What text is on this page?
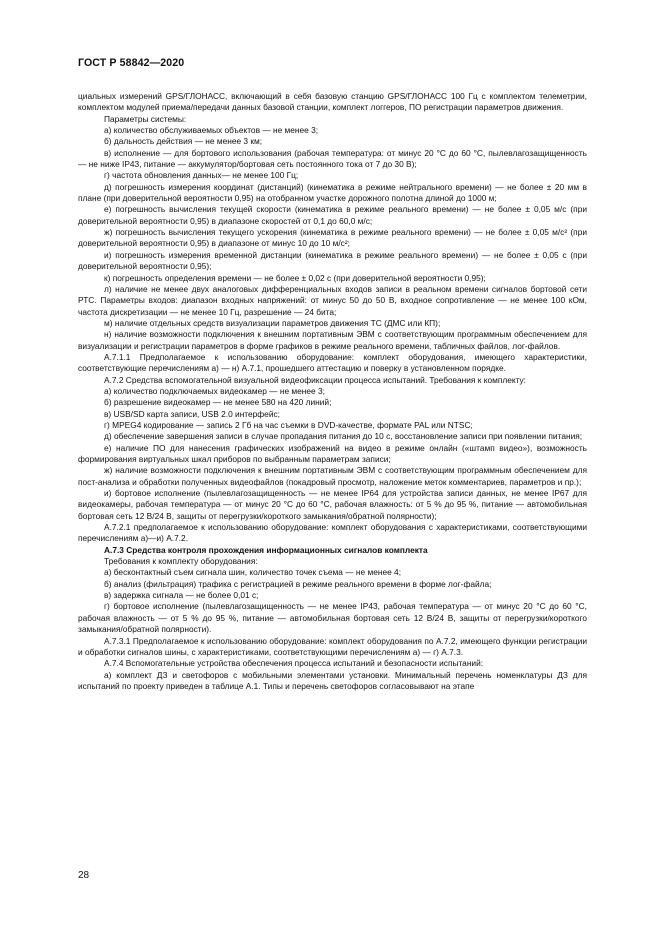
ГОСТ Р 58842—2020

циальных измерений GPS/ГЛОНАСС, включающий в себя базовую станцию GPS/ГЛОНАСС 100 Гц с комплектом телеметрии, комплектом модулей приема/передачи данных базовой станции, комплект логгеров, ПО регистрации параметров движения.

Параметры системы:

а) количество обслуживаемых объектов — не менее 3;

б) дальность действия — не менее 3 км;

в) исполнение — для бортового использования (рабочая температура: от минус 20 °С до 60 °С, пылевлагозащищенность — не ниже IP43, питание — аккумулятор/бортовая сеть постоянного тока от 7 до 30 В);

г) частота обновления данных— не менее 100 Гц;

д) погрешность измерения координат (дистанций) (кинематика в режиме нейтрального времени) — не более ± 20 мм в плане (при доверительной вероятности 0,95) на отобранном участке дорожного полотна длиной до 1000 м;

е) погрешность вычисления текущей скорости (кинематика в режиме реального времени) — не более ± 0,05 м/с (при доверительной вероятности 0,95) в диапазоне скоростей от 0,1 до 60,0 м/с;

ж) погрешность вычисления текущего ускорения (кинематика в режиме реального времени) — не более ± 0,05 м/с² (при доверительной вероятности 0,95) в диапазоне от минус 10 до 10 м/с²;

и) погрешность измерения временной дистанции (кинематика в режиме реального времени) — не более ± 0,05 с (при доверительной вероятности 0,95);

к) погрешность определения времени — не более ± 0,02 с (при доверительной вероятности 0,95);

л) наличие не менее двух аналоговых дифференциальных входов записи в реальном времени сигналов бортовой сети РТС. Параметры входов: диапазон входных напряжений: от минус 50 до 50 В, входное сопротивление — не менее 100 кОм, частота дискретизации — не менее 10 Гц, разрешение — 24 бита;

м) наличие отдельных средств визуализации параметров движения ТС (ДМС или КП);

н) наличие возможности подключения к внешним портативным ЭВМ с соответствующим программным обеспечением для визуализации и регистрации параметров в форме графиков в режиме реального времени, табличных файлов, лог-файлов.

А.7.1.1 Предполагаемое к использованию оборудование: комплект оборудования, имеющего характеристики, соответствующие перечислениям а) — н) А.7.1, прошедшего аттестацию и поверку в установленном порядке.

А.7.2 Средства вспомогательной визуальной видеофиксации процесса испытаний. Требования к комплекту:

а) количество подключаемых видеокамер — не менее 3;

б) разрешение видеокамер — не менее 580 на 420 линий;

в) USB/SD карта записи, USB 2.0 интерфейс;

г) MPEG4 кодирование — запись 2 Гб на час съемки в DVD-качестве, формате PAL или NTSC;

д) обеспечение завершения записи в случае пропадания питания до 10 с, восстановление записи при появлении питания;

е) наличие ПО для нанесения графических изображений на видео в режиме онлайн («штамп видео»), возможность формирования виртуальных шкал приборов по выбранным параметрам записи;

ж) наличие возможности подключения к внешним портативным ЭВМ с соответствующим программным обеспечением для пост-анализа и обработки полученных видеофайлов (покадровый просмотр, наложение меток комментариев, параметров и пр.);

и) бортовое исполнение (пылевлагозащищенность — не менее IP64 для устройства записи данных, не менее IP67 для видеокамеры, рабочая температура — от минус 20 °С до 60 °С, рабочая влажность: от 5 % до 95 %, питание — автомобильная бортовая сеть 12 В/24 В, защиты от перегрузки/короткого замыкания/обратной полярности);

А.7.2.1 предполагаемое к использованию оборудование: комплект оборудования с характеристиками, соответствующими перечислениям а)—и) А.7.2.

А.7.3 Средства контроля прохождения информационных сигналов комплекта

Требования к комплекту оборудования:

а) бесконтактный съем сигнала шин, количество точек съема — не менее 4;

б) анализ (фильтрация) трафика с регистрацией в режиме реального времени в форме лог-файла;

в) задержка сигнала — не более 0,01 с;

г) бортовое исполнение (пылевлагозащищенность — не менее IP43, рабочая температура — от минус 20 °С до 60 °С, рабочая влажность — от 5 % до 95 %, питание — автомобильная бортовая сеть 12 В/24 В, защиты от перегрузки/короткого замыкания/обратной полярности).

А.7.3.1 Предполагаемое к использованию оборудование: комплект оборудования по А.7.2, имеющего функции регистрации и обработки сигналов шины, с характеристиками, соответствующими перечислениям а) — г) А.7.3.

А.7.4 Вспомогательные устройства обеспечения процесса испытаний и безопасности испытаний:

а) комплект ДЗ и светофоров с мобильными элементами установки. Минимальный перечень номенклатуры ДЗ для испытаний по проекту приведен в таблице А.1. Типы и перечень светофоров согласовывают на этапе

28
